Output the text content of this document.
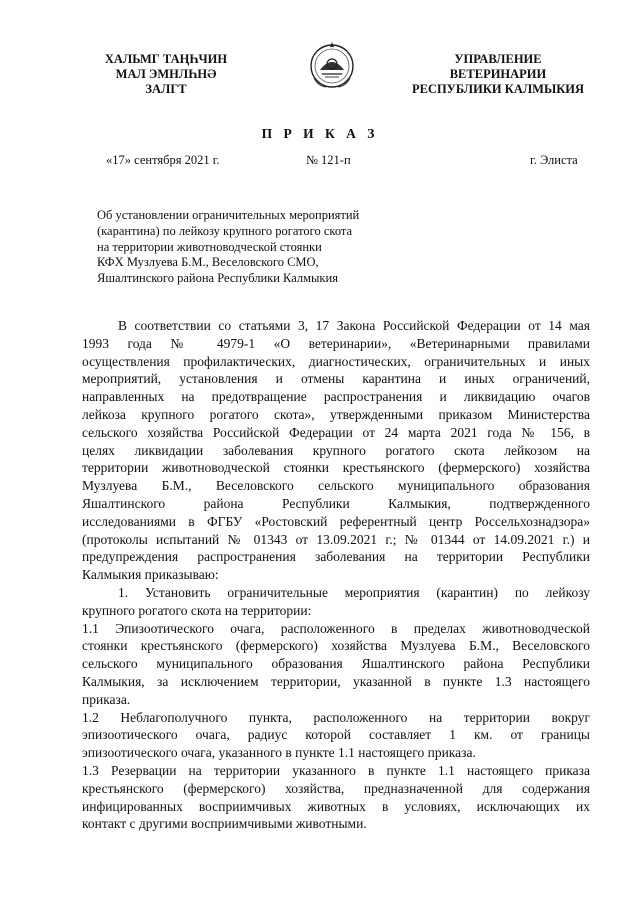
ХАЛЬМГ ТАҢҺЧИН
МАЛ ЭМНЛҺНӘ
ЗАЛГТ
УПРАВЛЕНИЕ
ВЕТЕРИНАРИИ
РЕСПУБЛИКИ КАЛМЫКИЯ
П Р И К А З
«17» сентября 2021 г.	№ 121-п	г. Элиста
Об установлении ограничительных мероприятий
(карантина) по лейкозу крупного рогатого скота
на территории животноводческой стоянки
КФХ Музлуева Б.М., Веселовского СМО,
Яшалтинского района Республики Калмыкия
В соответствии со статьями 3, 17 Закона Российской Федерации от 14 мая
1993 года № 4979-1 «О ветеринарии», «Ветеринарными правилами
осуществления профилактических, диагностических, ограничительных и иных
мероприятий, установления и отмены карантина и иных ограничений,
направленных на предотвращение распространения и ликвидацию очагов
лейкоза крупного рогатого скота», утвержденными приказом Министерства
сельского хозяйства Российской Федерации от 24 марта 2021 года № 156, в
целях ликвидации заболевания крупного рогатого скота лейкозом на
территории животноводческой стоянки крестьянского (фермерского) хозяйства
Музлуева Б.М., Веселовского сельского муниципального образования
Яшалтинского района Республики Калмыкия, подтвержденного
исследованиями в ФГБУ «Ростовский референтный центр Россельхознадзора»
(протоколы испытаний № 01343 от 13.09.2021 г.; № 01344 от 14.09.2021 г.) и
предупреждения распространения заболевания на территории Республики
Калмыкия приказываю:
1. Установить ограничительные мероприятия (карантин) по лейкозу
крупного рогатого скота на территории:
1.1 Эпизоотического очага, расположенного в пределах животноводческой
стоянки крестьянского (фермерского) хозяйства Музлуева Б.М., Веселовского
сельского муниципального образования Яшалтинского района Республики
Калмыкия, за исключением территории, указанной в пункте 1.3 настоящего
приказа.
1.2 Неблагополучного пункта, расположенного на территории вокруг
эпизоотического очага, радиус которой составляет 1 км. от границы
эпизоотического очага, указанного в пункте 1.1 настоящего приказа.
1.3 Резервации на территории указанного в пункте 1.1 настоящего приказа
крестьянского (фермерского) хозяйства, предназначенной для содержания
инфицированных восприимчивых животных в условиях, исключающих их
контакт с другими восприимчивыми животными.
